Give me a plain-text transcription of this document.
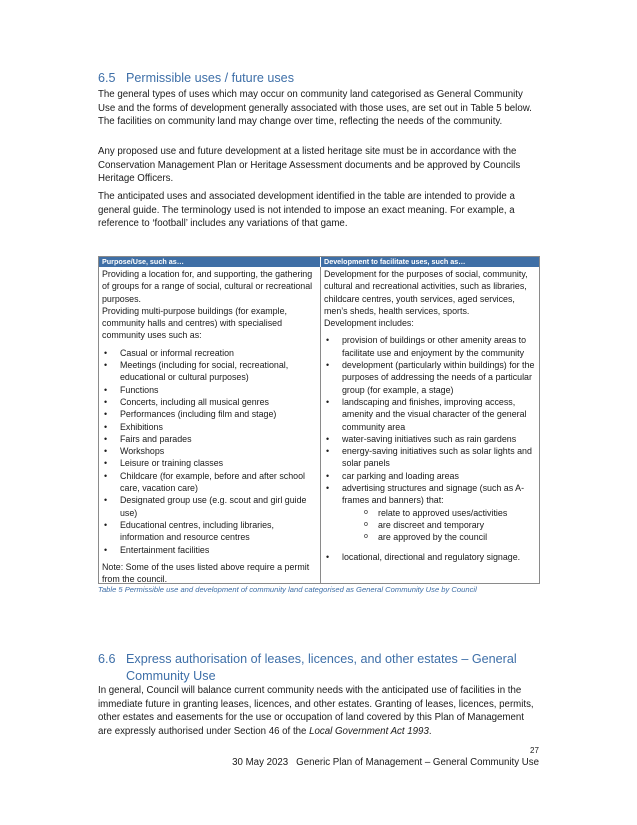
6.5 Permissible uses / future uses

The general types of uses which may occur on community land categorised as General Community Use and the forms of development generally associated with those uses, are set out in Table 5 below. The facilities on community land may change over time, reflecting the needs of the community.

Any proposed use and future development at a listed heritage site must be in accordance with the Conservation Management Plan or Heritage Assessment documents and be approved by Councils Heritage Officers.

The anticipated uses and associated development identified in the table are intended to provide a general guide. The terminology used is not intended to impose an exact meaning. For example, a reference to ‘football’ includes any variations of that game.

Purpose/Use, such as…	Development to facilitate uses, such as…
Providing a location for, and supporting, the gathering of groups for a range of social, cultural or recreational purposes.
Providing multi-purpose buildings (for example, community halls and centres) with specialised community uses such as:
• Casual or informal recreation
• Meetings (including for social, recreational, educational or cultural purposes)
• Functions
• Concerts, including all musical genres
• Performances (including film and stage)
• Exhibitions
• Fairs and parades
• Workshops
• Leisure or training classes
• Childcare (for example, before and after school care, vacation care)
• Designated group use (e.g. scout and girl guide use)
• Educational centres, including libraries, information and resource centres
• Entertainment facilities
Note: Some of the uses listed above require a permit from the council.
Development for the purposes of social, community, cultural and recreational activities, such as libraries, childcare centres, youth services, aged services, men’s sheds, health services, sports.
Development includes:
• provision of buildings or other amenity areas to facilitate use and enjoyment by the community
• development (particularly within buildings) for the purposes of addressing the needs of a particular group (for example, a stage)
• landscaping and finishes, improving access, amenity and the visual character of the general community area
• water-saving initiatives such as rain gardens
• energy-saving initiatives such as solar lights and solar panels
• car parking and loading areas
• advertising structures and signage (such as A-frames and banners) that:
o relate to approved uses/activities
o are discreet and temporary
o are approved by the council
• locational, directional and regulatory signage.
Table 5 Permissible use and development of community land categorised as General Community Use by Council
6.6 Express authorisation of leases, licences, and other estates – General
Community Use

In general, Council will balance current community needs with the anticipated use of facilities in the immediate future in granting leases, licences, and other estates. Granting of leases, licences, permits, other estates and easements for the use or occupation of land covered by this Plan of Management are expressly authorised under Section 46 of the Local Government Act 1993.

27
30 May 2023 Generic Plan of Management – General Community Use
